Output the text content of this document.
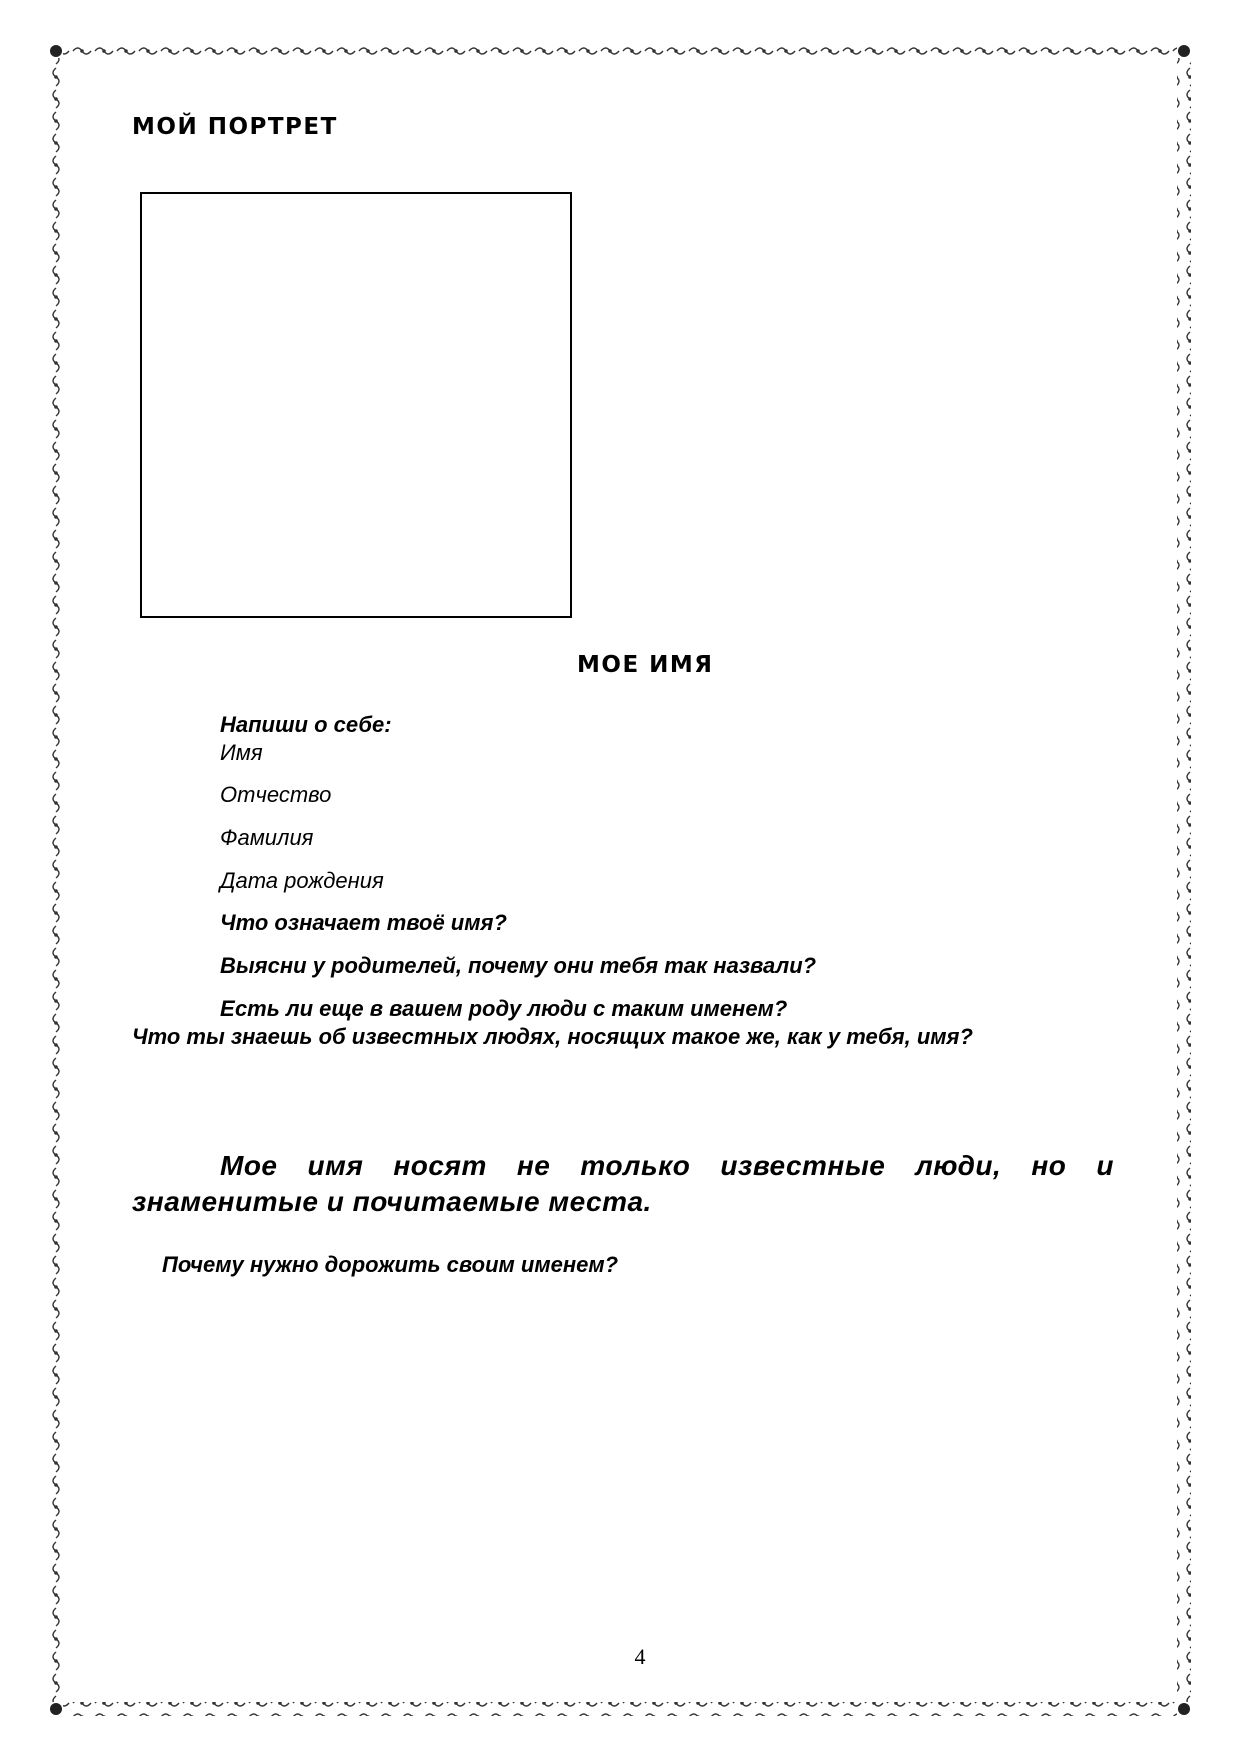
МОЙ ПОРТРЕТ
МОЕ ИМЯ
Напиши о себе:
Имя
Отчество
Фамилия
Дата рождения
Что означает твоё имя?
Выясни у родителей, почему они тебя так назвали?
Есть ли еще в вашем роду люди с таким именем?
Что ты знаешь об известных людях, носящих такое же, как у тебя, имя?
Мое имя носят не только известные люди, но и знаменитые и почитаемые места.
Почему нужно дорожить своим именем?
4
